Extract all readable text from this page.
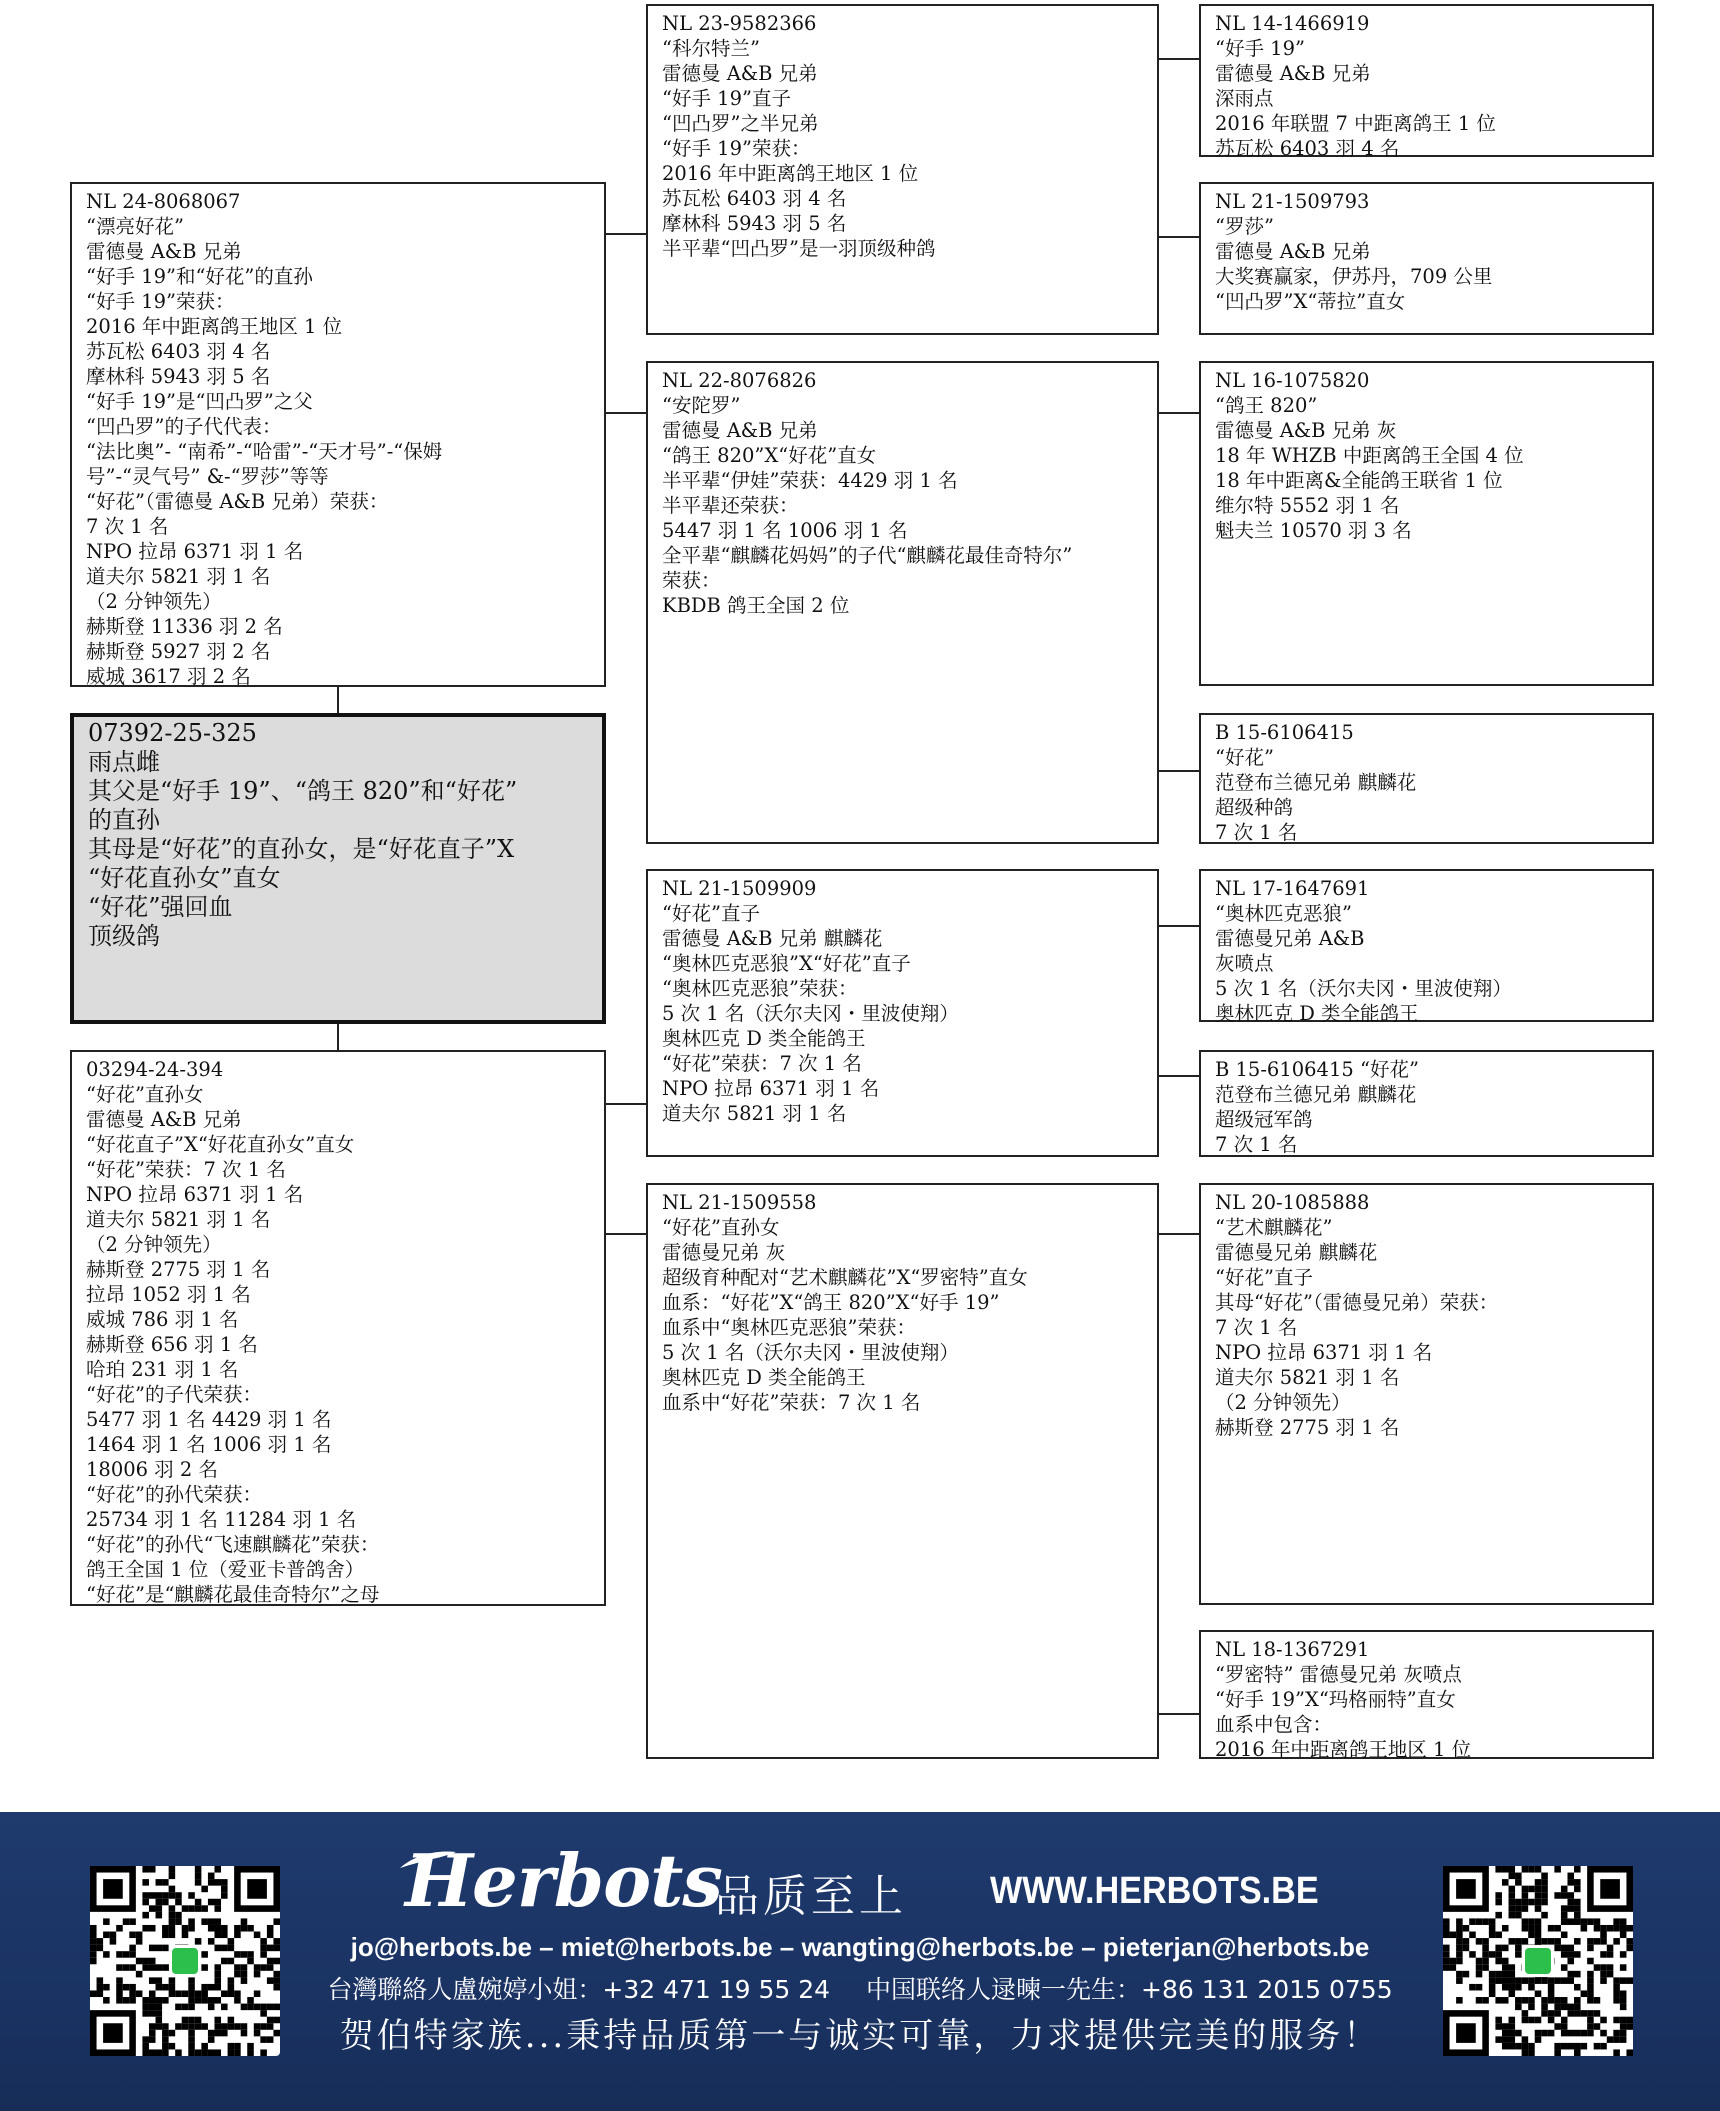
NL 24-8068067
“漂亮好花”
雷德曼 A&B 兄弟
“好手 19”和“好花”的直孙
“好手 19”荣获：
2016 年中距离鸽王地区 1 位
苏瓦松 6403 羽 4 名
摩林科 5943 羽 5 名
“好手 19”是“凹凸罗”之父
“凹凸罗”的子代代表：
“法比奥”- “南希”-“哈雷”-“天才号”-“保姆
号”-“灵气号” &-“罗莎”等等
“好花”（雷德曼 A&B 兄弟）荣获：
7 次 1 名
NPO 拉昂 6371 羽 1 名
道夫尔 5821 羽 1 名
（2 分钟领先）
赫斯登 11336 羽 2 名
赫斯登 5927 羽 2 名
威城 3617 羽 2 名
07392-25-325
雨点雌
其父是“好手 19”、“鸽王 820”和“好花”
的直孙
其母是“好花”的直孙女，是“好花直子”X
“好花直孙女”直女
“好花”强回血
顶级鸽
03294-24-394
“好花”直孙女
雷德曼 A&B 兄弟
“好花直子”X“好花直孙女”直女
“好花”荣获：7 次 1 名
NPO 拉昂 6371 羽 1 名
道夫尔 5821 羽 1 名
（2 分钟领先）
赫斯登 2775 羽 1 名
拉昂 1052 羽 1 名
威城 786 羽 1 名
赫斯登 656 羽 1 名
哈珀 231 羽 1 名
“好花”的子代荣获：
5477 羽 1 名 4429 羽 1 名
1464 羽 1 名 1006 羽 1 名
18006 羽 2 名
“好花”的孙代荣获：
25734 羽 1 名 11284 羽 1 名
“好花”的孙代“飞速麒麟花”荣获：
鸽王全国 1 位（爱亚卡普鸽舍）
“好花”是“麒麟花最佳奇特尔”之母
NL 23-9582366
“科尔特兰”
雷德曼 A&B 兄弟
“好手 19”直子
“凹凸罗”之半兄弟
“好手 19”荣获：
2016 年中距离鸽王地区 1 位
苏瓦松 6403 羽 4 名
摩林科 5943 羽 5 名
半平辈“凹凸罗”是一羽顶级种鸽
NL 22-8076826
“安陀罗”
雷德曼 A&B 兄弟
“鸽王 820”X“好花”直女
半平辈“伊娃”荣获：4429 羽 1 名
半平辈还荣获：
5447 羽 1 名 1006 羽 1 名
全平辈“麒麟花妈妈”的子代“麒麟花最佳奇特尔”
荣获：
KBDB 鸽王全国 2 位
NL 21-1509909
“好花”直子
雷德曼 A&B 兄弟 麒麟花
“奥林匹克恶狼”X“好花”直子
“奥林匹克恶狼”荣获：
5 次 1 名（沃尔夫冈・里波使翔）
奥林匹克 D 类全能鸽王
“好花”荣获：7 次 1 名
NPO 拉昂 6371 羽 1 名
道夫尔 5821 羽 1 名
NL 21-1509558
“好花”直孙女
雷德曼兄弟 灰
超级育种配对“艺术麒麟花”X“罗密特”直女
血系：“好花”X“鸽王 820”X“好手 19”
血系中“奥林匹克恶狼”荣获：
5 次 1 名（沃尔夫冈・里波使翔）
奥林匹克 D 类全能鸽王
血系中“好花”荣获：7 次 1 名
NL 14-1466919
“好手 19”
雷德曼 A&B 兄弟
深雨点
2016 年联盟 7 中距离鸽王 1 位
苏瓦松 6403 羽 4 名
NL 21-1509793
“罗莎”
雷德曼 A&B 兄弟
大奖赛赢家，伊苏丹，709 公里
“凹凸罗”X“蒂拉”直女
NL 16-1075820
“鸽王 820”
雷德曼 A&B 兄弟 灰
18 年 WHZB 中距离鸽王全国 4 位
18 年中距离&全能鸽王联省 1 位
维尔特 5552 羽 1 名
魁夫兰 10570 羽 3 名
B 15-6106415
“好花”
范登布兰德兄弟 麒麟花
超级种鸽
7 次 1 名
NL 17-1647691
“奥林匹克恶狼”
雷德曼兄弟 A&B
灰喷点
5 次 1 名（沃尔夫冈・里波使翔）
奥林匹克 D 类全能鸽王
B 15-6106415 “好花”
范登布兰德兄弟 麒麟花
超级冠军鸽
7 次 1 名
NL 20-1085888
“艺术麒麟花”
雷德曼兄弟 麒麟花
“好花”直子
其母“好花”（雷德曼兄弟）荣获：
7 次 1 名
NPO 拉昂 6371 羽 1 名
道夫尔 5821 羽 1 名
（2 分钟领先）
赫斯登 2775 羽 1 名
NL 18-1367291
“罗密特” 雷德曼兄弟 灰喷点
“好手 19”X“玛格丽特”直女
血系中包含：
2016 年中距离鸽王地区 1 位
Herbots
品质至上 WWW.HERBOTS.BE
jo@herbots.be – miet@herbots.be – wangting@herbots.be – pieterjan@herbots.be
台灣聯絡人盧婉婷小姐：+32 471 19 55 24 中国联络人逯暕一先生：+86 131 2015 0755
贺伯特家族...秉持品质第一与诚实可靠，力求提供完美的服务！
